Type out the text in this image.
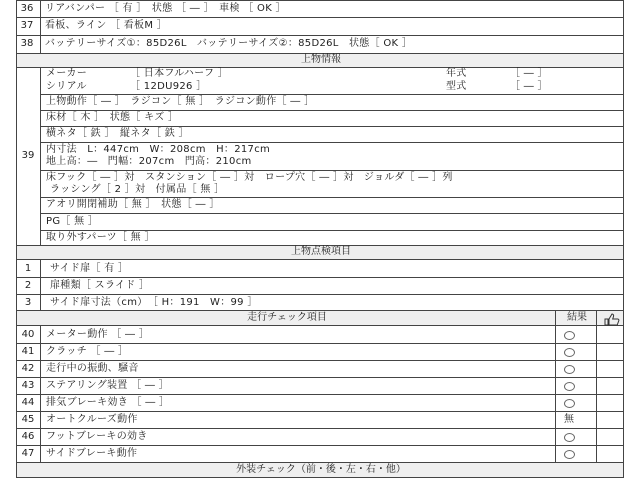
36	リアバンパー ［ 有 ］　状態 ［ ― ］　車検 ［ OK ］
37	看板、ライン ［ 看板M ］
38	バッテリーサイズ①：85D26L　バッテリーサイズ②：85D26L　状態［ OK ］
上物情報
39
メーカー	［ 日本フルハーフ ］	年式	［ ― ］
シリアル	［ 12DU926 ］	型式	［ ― ］
上物動作［ ― ］　ラジコン［ 無 ］　ラジコン動作［ ― ］
床材［ 木 ］　状態［ キズ ］
横ネタ［ 鉄 ］　縦ネタ［ 鉄 ］
内寸法　L：447cm　W：208cm　H：217cm
地上高：―　門幅：207cm　門高：210cm
床フック［ ― ］対　スタンション［ ― ］対　ロープ穴［ ― ］対　ジョルダ［ ― ］列
ラッシング［ 2 ］対　付属品［ 無 ］
アオリ開閉補助［ 無 ］　状態［ ― ］
PG［ 無 ］
取り外すパーツ［ 無 ］
上物点検項目
1	サイド扉［ 有 ］
2	扉種類［ スライド ］
3	サイド扉寸法（cm）　［ H：191　W：99 ］
走行チェック項目	結果
40	メーター動作 ［ ― ］
41	クラッチ ［ ― ］
42	走行中の振動、騒音
43	ステアリング装置 ［ ― ］
44	排気ブレーキ効き ［ ― ］
45	オートクルーズ動作	無
46	フットブレーキの効き
47	サイドブレーキ動作
外装チェック（前・後・左・右・他）
